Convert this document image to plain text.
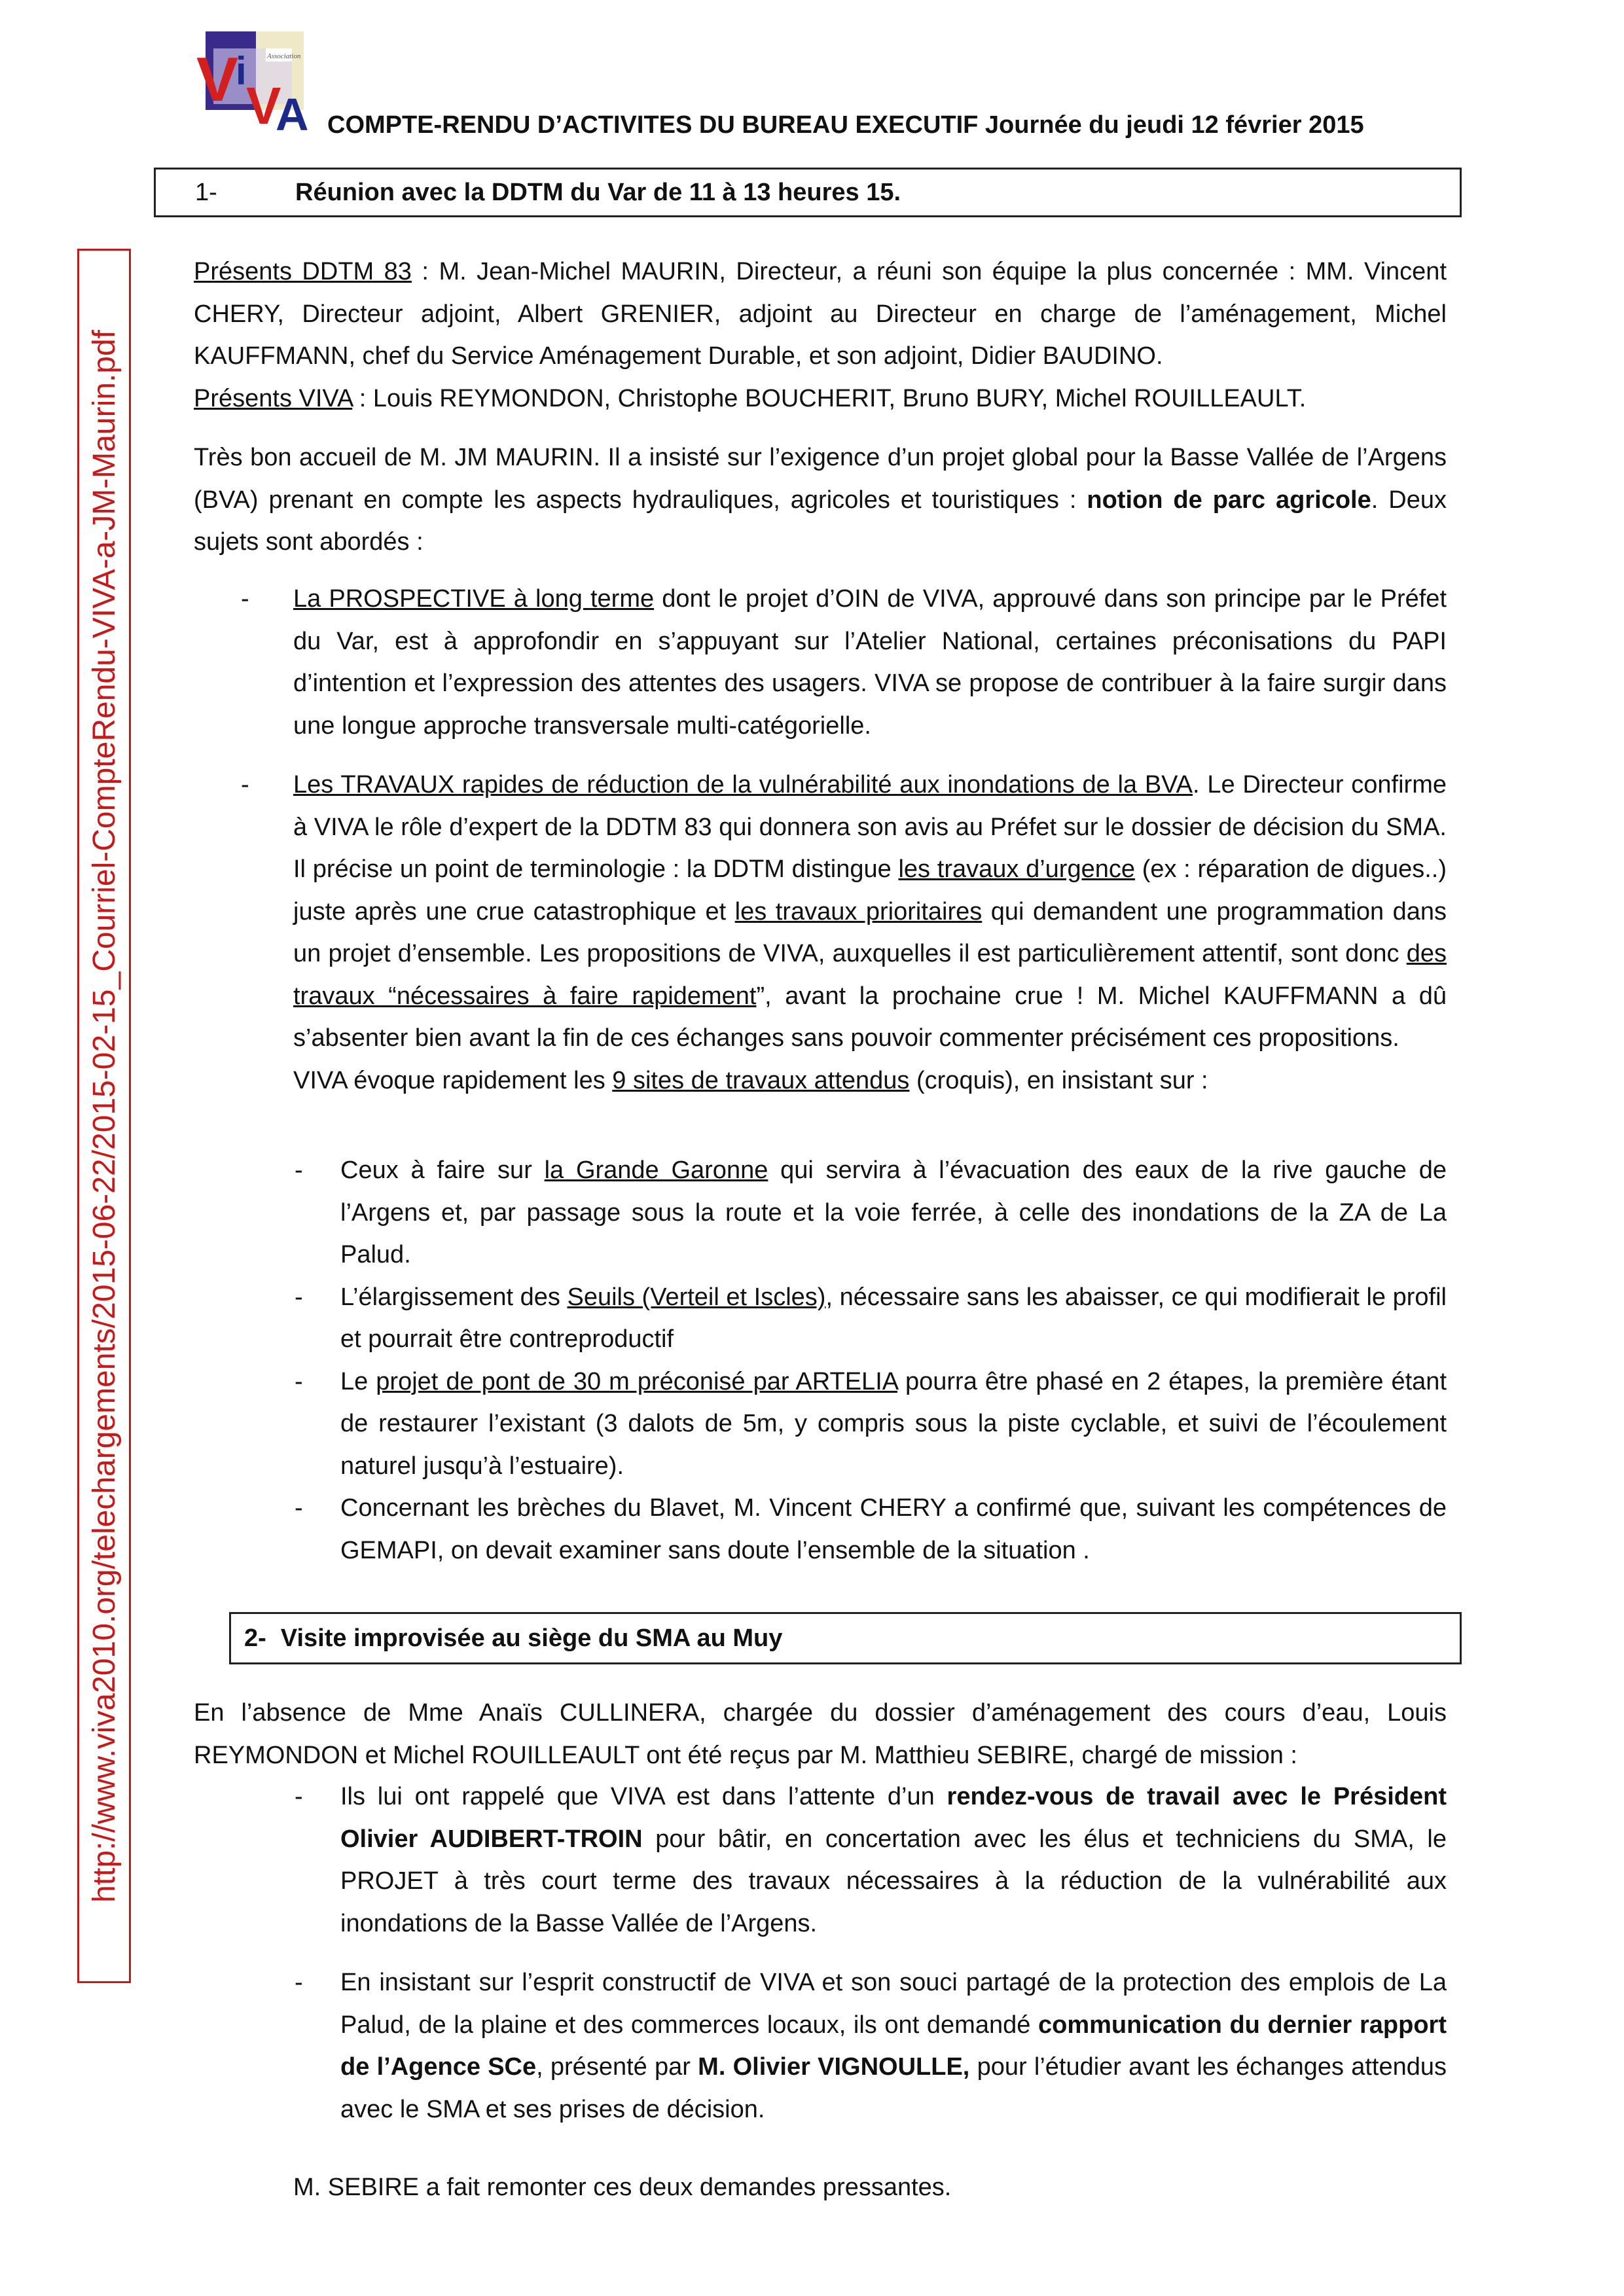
Association
V
i
V
A COMPTE-RENDU D’ACTIVITES DU BUREAU EXECUTIF Journée du jeudi 12 février 2015
http://www.viva2010.org/telechargements/2015-06-22/2015-02-15_Courriel-CompteRendu-VIVA-a-JM-Maurin.pdf
1-	Réunion avec la DDTM du Var de 11 à 13 heures 15.

Présents DDTM 83 : M. Jean-Michel MAURIN, Directeur, a réuni son équipe la plus concernée : MM. Vincent CHERY, Directeur adjoint, Albert GRENIER, adjoint au Directeur en charge de l’aménagement, Michel KAUFFMANN, chef du Service Aménagement Durable, et son adjoint, Didier BAUDINO.

Présents VIVA : Louis REYMONDON, Christophe BOUCHERIT, Bruno BURY, Michel ROUILLEAULT.

Très bon accueil de M. JM MAURIN. Il a insisté sur l’exigence d’un projet global pour la Basse Vallée de l’Argens (BVA) prenant en compte les aspects hydrauliques, agricoles et touristiques : notion de parc agricole. Deux sujets sont abordés :

- La PROSPECTIVE à long terme dont le projet d’OIN de VIVA, approuvé dans son principe par le Préfet du Var, est à approfondir en s’appuyant sur l’Atelier National, certaines préconisations du PAPI d’intention et l’expression des attentes des usagers. VIVA se propose de contribuer à la faire surgir dans une longue approche transversale multi-catégorielle.

- Les TRAVAUX rapides de réduction de la vulnérabilité aux inondations de la BVA. Le Directeur confirme à VIVA le rôle d’expert de la DDTM 83 qui donnera son avis au Préfet sur le dossier de décision du SMA. Il précise un point de terminologie : la DDTM distingue les travaux d’urgence (ex : réparation de digues..) juste après une crue catastrophique et les travaux prioritaires qui demandent une programmation dans un projet d’ensemble. Les propositions de VIVA, auxquelles il est particulièrement attentif, sont donc des travaux “nécessaires à faire rapidement”, avant la prochaine crue ! M. Michel KAUFFMANN a dû s’absenter bien avant la fin de ces échanges sans pouvoir commenter précisément ces propositions.

VIVA évoque rapidement les 9 sites de travaux attendus (croquis), en insistant sur :

- Ceux à faire sur la Grande Garonne qui servira à l’évacuation des eaux de la rive gauche de l’Argens et, par passage sous la route et la voie ferrée, à celle des inondations de la ZA de La Palud.

- L’élargissement des Seuils (Verteil et Iscles), nécessaire sans les abaisser, ce qui modifierait le profil et pourrait être contreproductif

- Le projet de pont de 30 m préconisé par ARTELIA pourra être phasé en 2 étapes, la première étant de restaurer l’existant (3 dalots de 5m, y compris sous la piste cyclable, et suivi de l’écoulement naturel jusqu’à l’estuaire).

- Concernant les brèches du Blavet, M. Vincent CHERY a confirmé que, suivant les compétences de GEMAPI, on devait examiner sans doute l’ensemble de la situation .

2- Visite improvisée au siège du SMA au Muy

En l’absence de Mme Anaïs CULLINERA, chargée du dossier d’aménagement des cours d’eau, Louis REYMONDON et Michel ROUILLEAULT ont été reçus par M. Matthieu SEBIRE, chargé de mission :

- Ils lui ont rappelé que VIVA est dans l’attente d’un rendez-vous de travail avec le Président Olivier AUDIBERT-TROIN pour bâtir, en concertation avec les élus et techniciens du SMA, le PROJET à très court terme des travaux nécessaires à la réduction de la vulnérabilité aux inondations de la Basse Vallée de l’Argens.

- En insistant sur l’esprit constructif de VIVA et son souci partagé de la protection des emplois de La Palud, de la plaine et des commerces locaux, ils ont demandé communication du dernier rapport de l’Agence SCe, présenté par M. Olivier VIGNOULLE, pour l’étudier avant les échanges attendus avec le SMA et ses prises de décision.

M. SEBIRE a fait remonter ces deux demandes pressantes.
